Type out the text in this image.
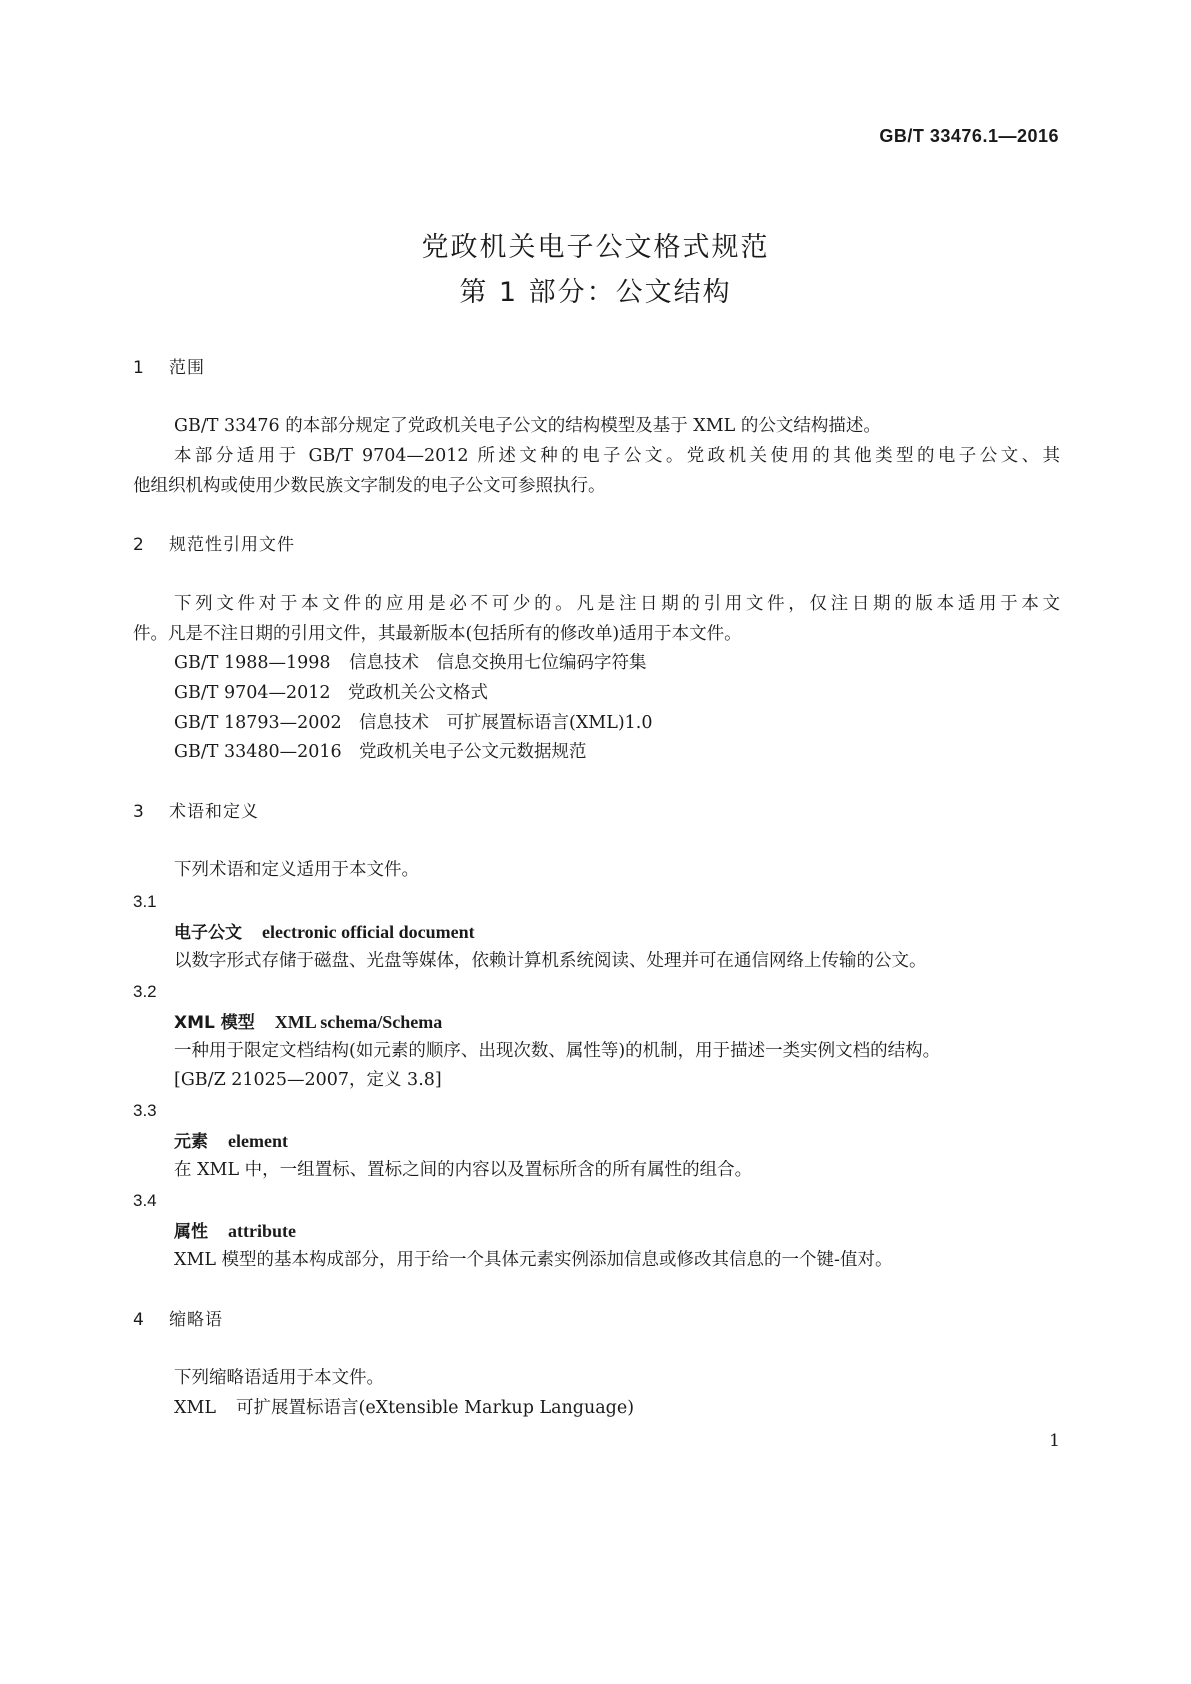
GB/T 33476.1—2016
党政机关电子公文格式规范
第 1 部分：公文结构
1 范围
GB/T 33476 的本部分规定了党政机关电子公文的结构模型及基于 XML 的公文结构描述。
本部分适用于 GB/T 9704—2012 所述文种的电子公文。党政机关使用的其他类型的电子公文、其
他组织机构或使用少数民族文字制发的电子公文可参照执行。
2 规范性引用文件
下列文件对于本文件的应用是必不可少的。凡是注日期的引用文件，仅注日期的版本适用于本文
件。凡是不注日期的引用文件，其最新版本(包括所有的修改单)适用于本文件。
GB/T 1988—1998 信息技术　信息交换用七位编码字符集
GB/T 9704—2012 党政机关公文格式
GB/T 18793—2002 信息技术　可扩展置标语言(XML)1.0
GB/T 33480—2016 党政机关电子公文元数据规范
3 术语和定义
下列术语和定义适用于本文件。
3.1
电子公文 electronic official document
以数字形式存储于磁盘、光盘等媒体，依赖计算机系统阅读、处理并可在通信网络上传输的公文。
3.2
XML 模型 XML schema/Schema
一种用于限定文档结构(如元素的顺序、出现次数、属性等)的机制，用于描述一类实例文档的结构。
[GB/Z 21025—2007，定义 3.8]
3.3
元素 element
在 XML 中，一组置标、置标之间的内容以及置标所含的所有属性的组合。
3.4
属性 attribute
XML 模型的基本构成部分，用于给一个具体元素实例添加信息或修改其信息的一个键-值对。
4 缩略语
下列缩略语适用于本文件。
XML 可扩展置标语言(eXtensible Markup Language)
1
